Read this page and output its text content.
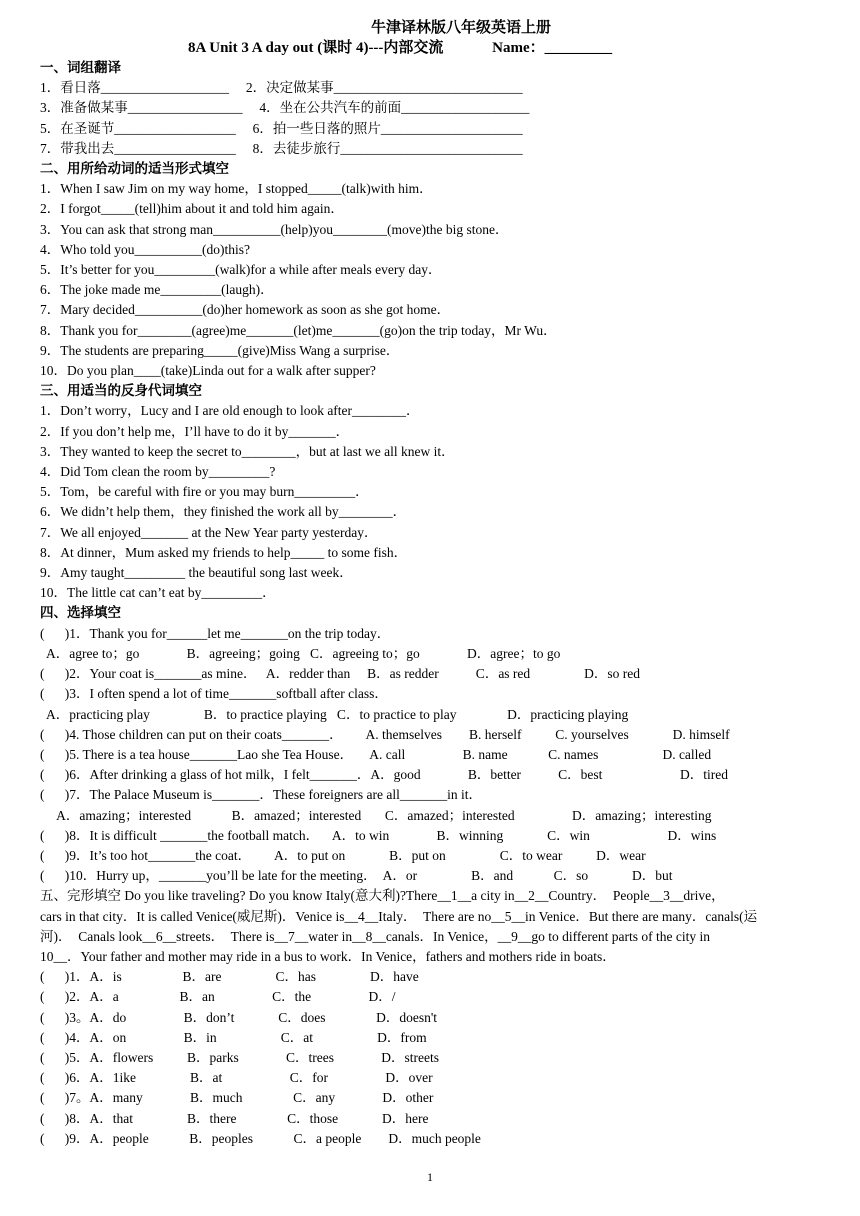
牛津译林版八年级英语上册
8A Unit 3 A day out (课时 4)---内部交流             Name：_________
一、词组翻译
1．看日落___________________     2．决定做某事____________________________
3．准备做某事_________________     4．坐在公共汽车的前面___________________
5．在圣诞节__________________     6．拍一些日落的照片_____________________
7．带我出去__________________     8．去徒步旅行___________________________
二、用所给动词的适当形式填空
1．When I saw Jim on my way home，I stopped_____(talk)with him．
2．I forgot_____(tell)him about it and told him again．
3．You can ask that strong man__________(help)you________(move)the big stone．
4．Who told you__________(do)this?
5．It’s better for you_________(walk)for a while after meals every day．
6．The joke made me_________(laugh)．
7．Mary decided__________(do)her homework as soon as she got home．
8．Thank you for________(agree)me_______(let)me_______(go)on the trip today，Mr Wu．
9．The students are preparing_____(give)Miss Wang a surprise．
10．Do you plan____(take)Linda out for a walk after supper?
三、用适当的反身代词填空
1．Don’t worry，Lucy and I are old enough to look after________．
2．If you don’t help me，I’ll have to do it by_______．
3．They wanted to keep the secret to________，but at last we all knew it．
4．Did Tom clean the room by_________?
5．Tom，be careful with fire or you may burn_________．
6．We didn’t help them，they finished the work all by________．
7．We all enjoyed_______ at the New Year party yesterday．
8．At dinner，Mum asked my friends to help_____ to some fish．
9．Amy taught_________ the beautiful song last week．
10．The little cat can’t eat by_________．
四、选择填空
(      )1．Thank you for______let me_______on the trip today．
A．agree to；go              B．agreeing；going   C．agreeing to；go              D．agree；to go
(      )2．Your coat is_______as mine．   A．redder than     B．as redder           C．as red                D．so red
(      )3．I often spend a lot of time_______softball after class．
A．practicing play                B．to practice playing   C．to practice to play               D．practicing playing
(      )4. Those children can put on their coats_______．       A. themselves        B. herself          C. yourselves             D. himself
(      )5. There is a tea house_______Lao she Tea House．     A. call                 B. name            C. names                   D. called
(      )6．After drinking a glass of hot milk，I felt_______．A．good              B．better           C．best                       D．tired
(      )7．The Palace Museum is_______．These foreigners are all_______in it．
A．amazing；interested            B．amazed；interested       C．amazed；interested                 D．amazing；interesting
(      )8．It is difficult _______the football match．    A．to win              B．winning             C．win                       D．wins
(      )9．It’s too hot_______the coat．       A．to put on             B．put on                C．to wear          D．wear
(      )10．Hurry up，_______you’ll be late for the meeting．  A．or                B．and            C．so             D．but
五、完形填空 Do you like traveling? Do you know Italy(意大利)?There__1__a city in__2__Country．  People__3__drive，
cars in that city．It is called Venice(威尼斯)．Venice is__4__Italy．  There are no__5__in Venice．But there are many．canals(运
河)．  Canals look__6__streets．  There is__7__water in__8__canals．In Venice，__9__go to different parts of the city in
10__．Your father and mother may ride in a bus to work．In Venice，fathers and mothers ride in boats．
(      )1．A．is                  B．are                C．has                D．have
(      )2．A．a                  B．an                 C．the                 D．/
(      )3。A．do                 B．don’t             C．does               D．doesn't
(      )4．A．on                 B．in                   C．at                   D．from
(      )5．A．flowers          B．parks              C．trees              D．streets
(      )6．A．1ike                B．at                    C．for                 D．over
(      )7。A．many              B．much               C．any              D．other
(      )8．A．that                B．there               C．those             D．here
(      )9．A．people            B．peoples            C．a people        D．much people
1
